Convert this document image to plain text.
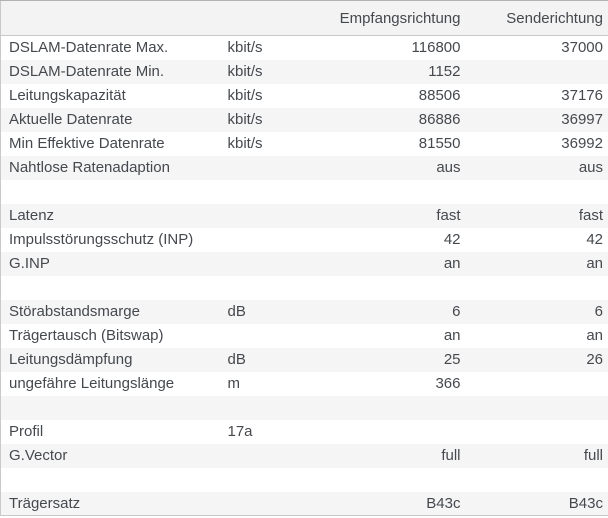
		Empfangsrichtung	Senderichtung
DSLAM-Datenrate Max.	kbit/s	116800	37000
DSLAM-Datenrate Min.	kbit/s	1152	
Leitungskapazität	kbit/s	88506	37176
Aktuelle Datenrate	kbit/s	86886	36997
Min Effektive Datenrate	kbit/s	81550	36992
Nahtlose Ratenadaption		aus	aus

Latenz		fast	fast
Impulsstörungsschutz (INP)		42	42
G.INP		an	an

Störabstandsmarge	dB	6	6
Trägertausch (Bitswap)		an	an
Leitungsdämpfung	dB	25	26
ungefähre Leitungslänge	m	366	

Profil	17a		
G.Vector		full	full

Trägersatz		B43c	B43c
